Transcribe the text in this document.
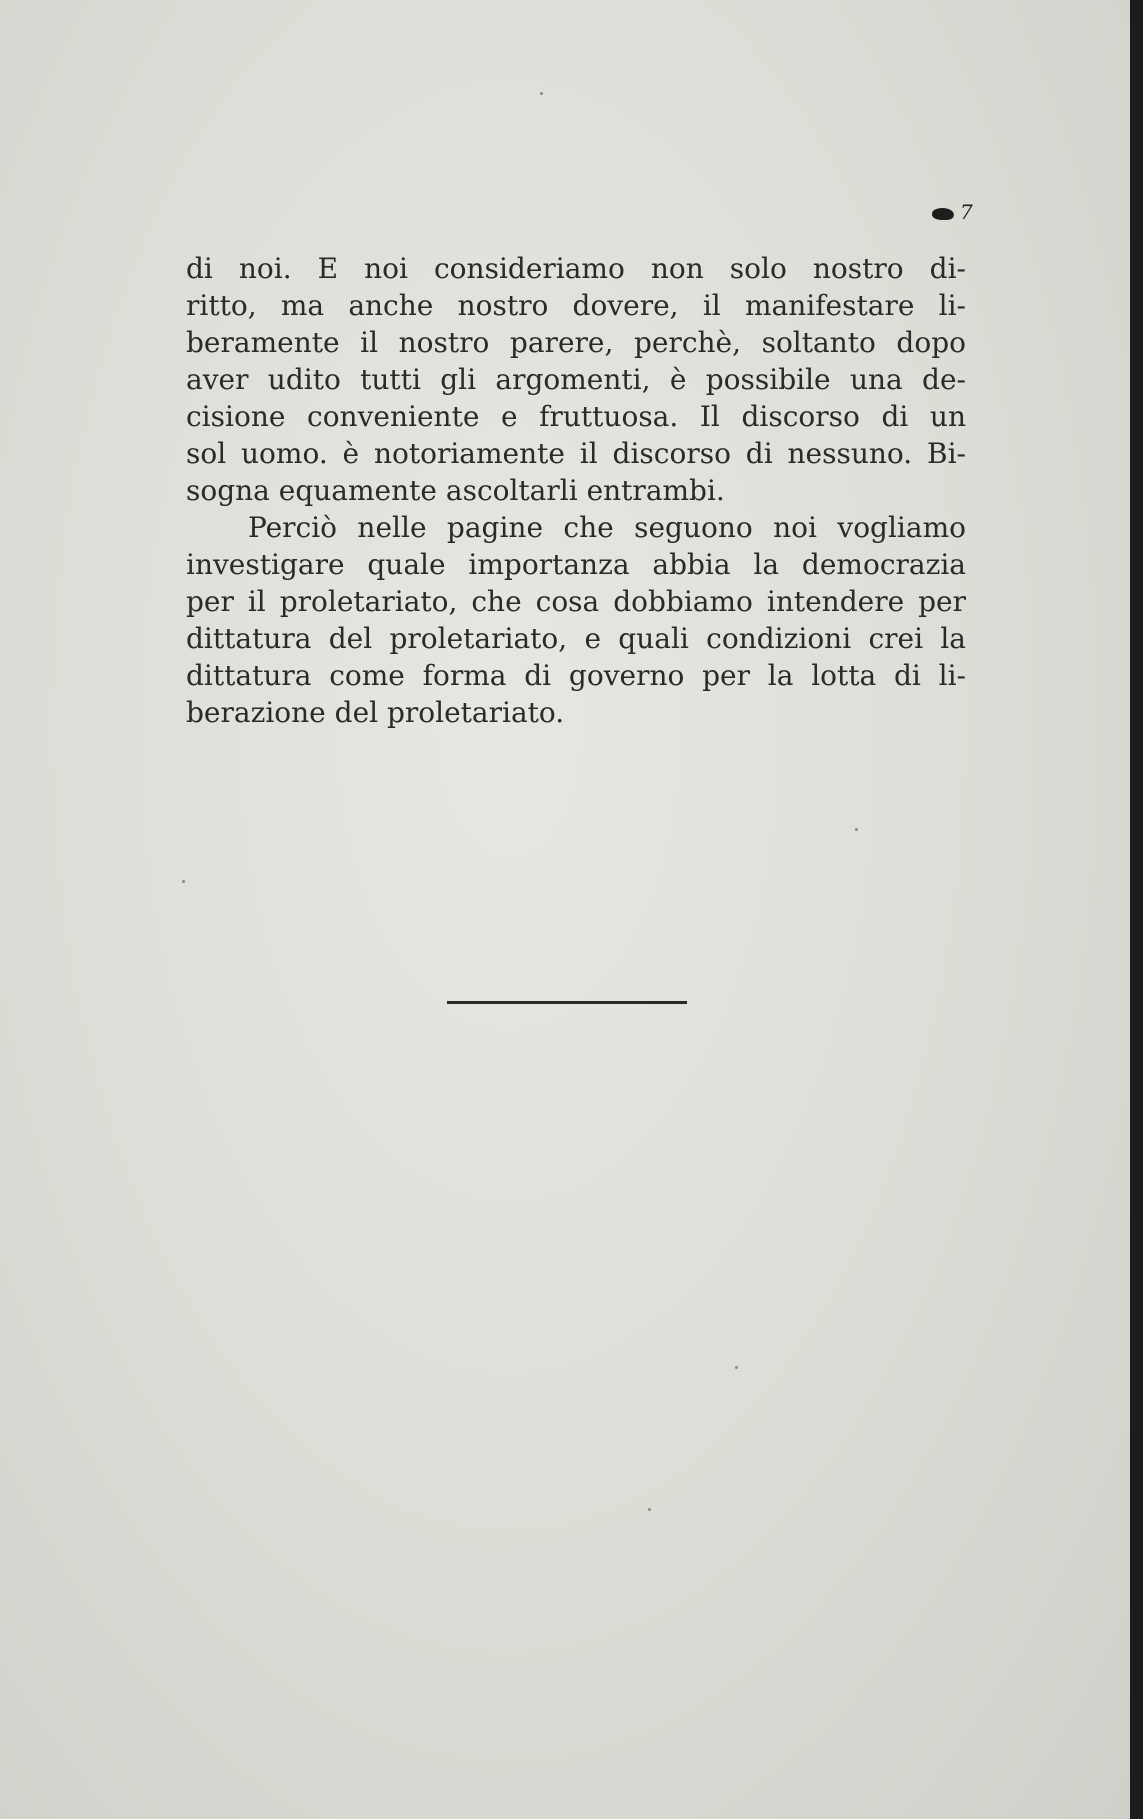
7
di noi. E noi consideriamo non solo nostro di-
ritto, ma anche nostro dovere, il manifestare li-
beramente il nostro parere, perchè, soltanto dopo
aver udito tutti gli argomenti, è possibile una de-
cisione conveniente e fruttuosa. Il discorso di un
sol uomo. è notoriamente il discorso di nessuno. Bi-
sogna equamente ascoltarli entrambi.
Perciò nelle pagine che seguono noi vogliamo
investigare quale importanza abbia la democrazia
per il proletariato, che cosa dobbiamo intendere per
dittatura del proletariato, e quali condizioni crei la
dittatura come forma di governo per la lotta di li-
berazione del proletariato.
